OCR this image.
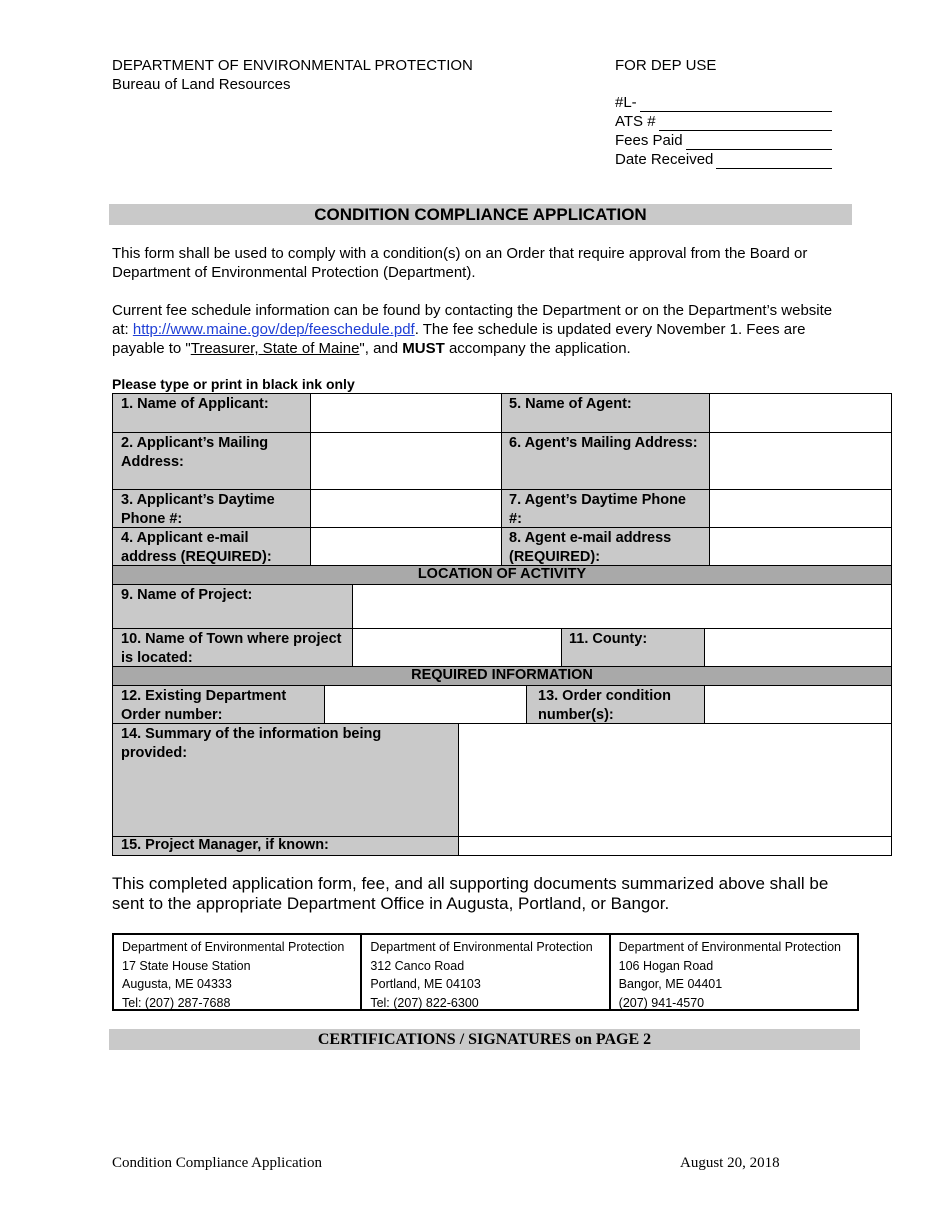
DEPARTMENT OF ENVIRONMENTAL PROTECTION
Bureau of Land Resources
FOR DEP USE
#L-
ATS #
Fees Paid
Date Received
CONDITION COMPLIANCE APPLICATION
This form shall be used to comply with a condition(s) on an Order that require approval from the Board or Department of Environmental Protection (Department).
Current fee schedule information can be found by contacting the Department or on the Department’s website at: http://www.maine.gov/dep/feeschedule.pdf. The fee schedule is updated every November 1. Fees are payable to "Treasurer, State of Maine", and MUST accompany the application.
Please type or print in black ink only
1. Name of Applicant:	5. Name of Agent:
2. Applicant’s Mailing Address:
6. Agent’s Mailing Address:
3. Applicant’s Daytime Phone #:
7. Agent’s Daytime Phone #:
4. Applicant e-mail address (REQUIRED):
8. Agent e-mail address (REQUIRED):
LOCATION OF ACTIVITY
9. Name of Project:
10. Name of Town where project is located:
11. County:
REQUIRED INFORMATION
12. Existing Department Order number:
13. Order condition number(s):
14. Summary of the information being provided:
15. Project Manager, if known:
This completed application form, fee, and all supporting documents summarized above shall be sent to the appropriate Department Office in Augusta, Portland, or Bangor.
Department of Environmental Protection
17 State House Station
Augusta, ME 04333
Tel: (207) 287-7688
Department of Environmental Protection
312 Canco Road
Portland, ME 04103
Tel: (207) 822-6300
Department of Environmental Protection
106 Hogan Road
Bangor, ME 04401
(207) 941-4570
CERTIFICATIONS / SIGNATURES on PAGE 2
Condition Compliance Application	August 20, 2018
